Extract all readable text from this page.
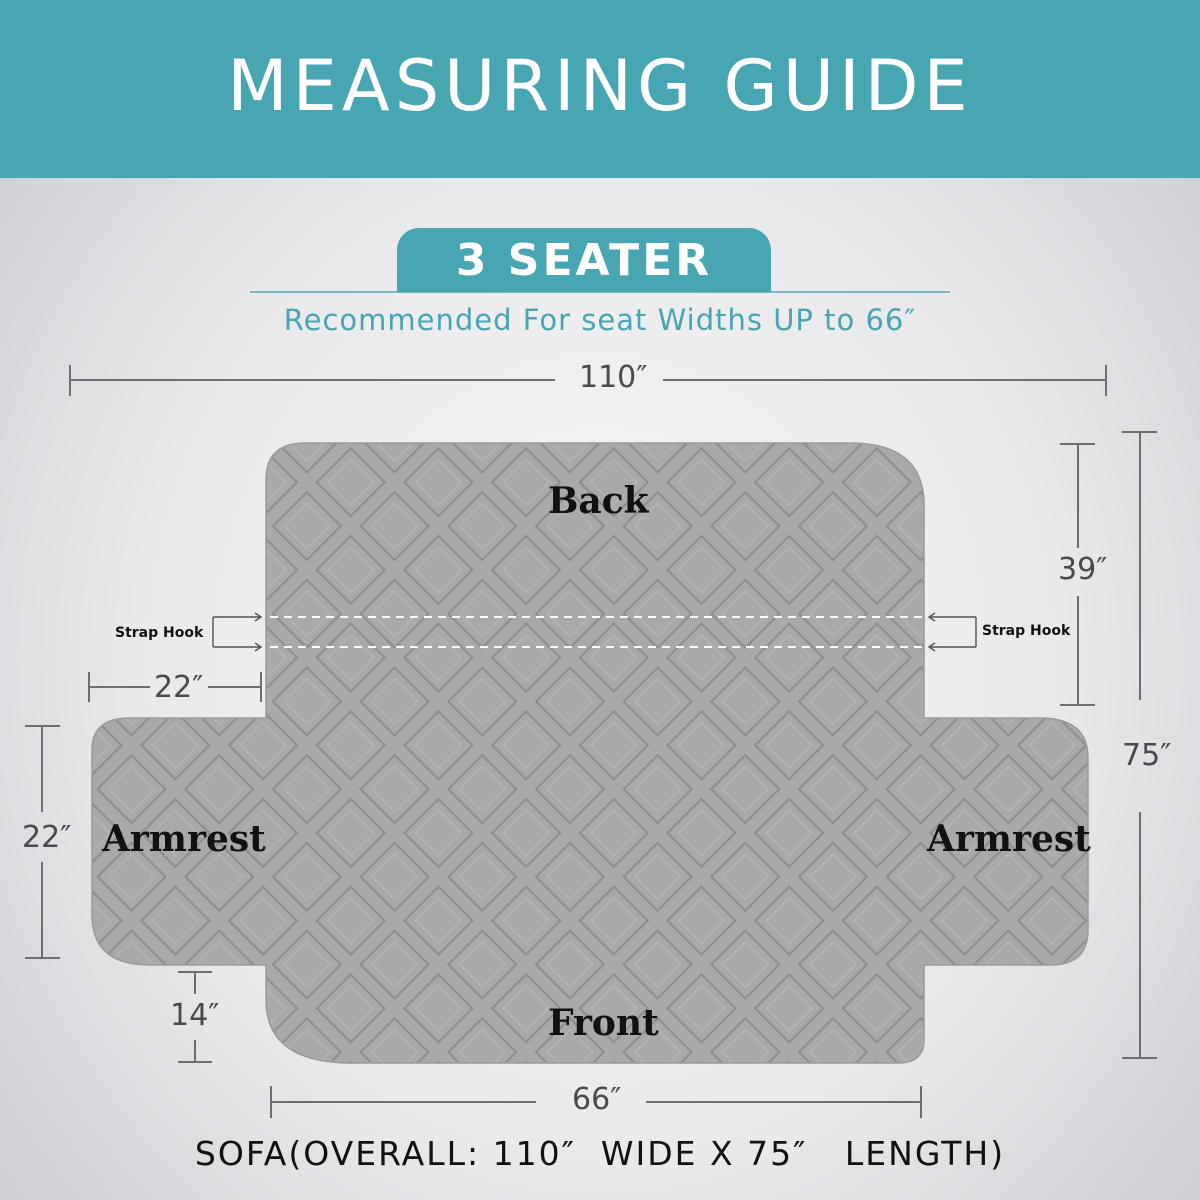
MEASURING GUIDE
3 SEATER
Recommended For seat Widths UP to 66″
110″
39″
75″
22″
22″
14″
66″
Back
Front
Armrest	Armrest
Strap Hook	Strap Hook
SOFA(OVERALL: 110″  WIDE X 75″   LENGTH)
